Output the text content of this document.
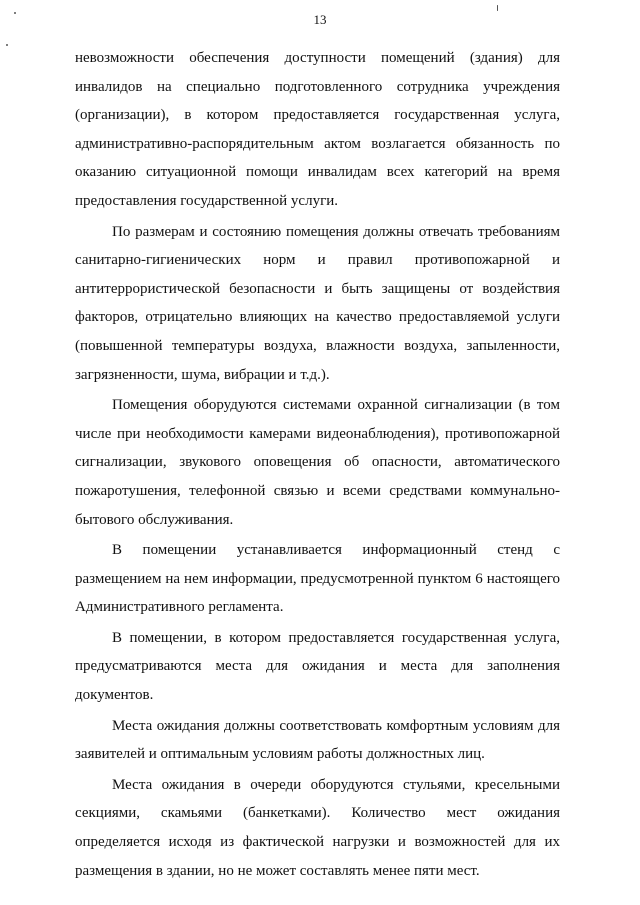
13

невозможности обеспечения доступности помещений (здания) для инвалидов на специально подготовленного сотрудника учреждения (организации), в котором предоставляется государственная услуга, административно-распорядительным актом возлагается обязанность по оказанию ситуационной помощи инвалидам всех категорий на время предоставления государственной услуги.

По размерам и состоянию помещения должны отвечать требованиям санитарно-гигиенических норм и правил противопожарной и антитеррористической безопасности и быть защищены от воздействия факторов, отрицательно влияющих на качество предоставляемой услуги (повышенной температуры воздуха, влажности воздуха, запыленности, загрязненности, шума, вибрации и т.д.).

Помещения оборудуются системами охранной сигнализации (в том числе при необходимости камерами видеонаблюдения), противопожарной сигнализации, звукового оповещения об опасности, автоматического пожаротушения, телефонной связью и всеми средствами коммунально-бытового обслуживания.

В помещении устанавливается информационный стенд с размещением на нем информации, предусмотренной пунктом 6 настоящего Административного регламента.

В помещении, в котором предоставляется государственная услуга, предусматриваются места для ожидания и места для заполнения документов.

Места ожидания должны соответствовать комфортным условиям для заявителей и оптимальным условиям работы должностных лиц.

Места ожидания в очереди оборудуются стульями, кресельными секциями, скамьями (банкетками). Количество мест ожидания определяется исходя из фактической нагрузки и возможностей для их размещения в здании, но не может составлять менее пяти мест.
